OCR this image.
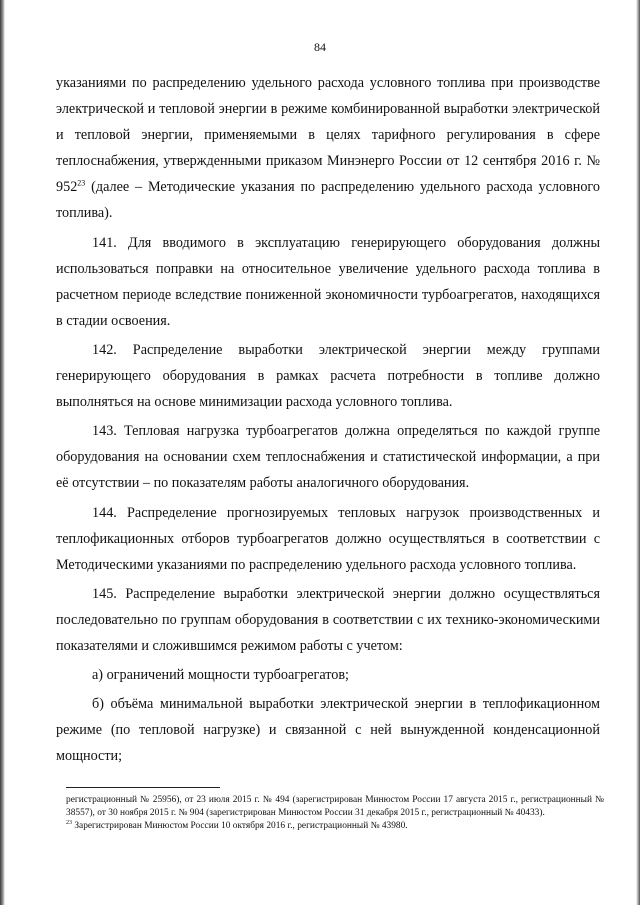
84

указаниями по распределению удельного расхода условного топлива при производстве электрической и тепловой энергии в режиме комбинированной выработки электрической и тепловой энергии, применяемыми в целях тарифного регулирования в сфере теплоснабжения, утвержденными приказом Минэнерго России от 12 сентября 2016 г. № $952^{23}$ (далее – Методические указания по распределению удельного расхода условного топлива).

141. Для вводимого в эксплуатацию генерирующего оборудования должны использоваться поправки на относительное увеличение удельного расхода топлива в расчетном периоде вследствие пониженной экономичности турбоагрегатов, находящихся в стадии освоения.

142. Распределение выработки электрической энергии между группами генерирующего оборудования в рамках расчета потребности в топливе должно выполняться на основе минимизации расхода условного топлива.

143. Тепловая нагрузка турбоагрегатов должна определяться по каждой группе оборудования на основании схем теплоснабжения и статистической информации, а при её отсутствии – по показателям работы аналогичного оборудования.

144. Распределение прогнозируемых тепловых нагрузок производственных и теплофикационных отборов турбоагрегатов должно осуществляться в соответствии с Методическими указаниями по распределению удельного расхода условного топлива.

145. Распределение выработки электрической энергии должно осуществляться последовательно по группам оборудования в соответствии с их технико-экономическими показателями и сложившимся режимом работы с учетом:

а) ограничений мощности турбоагрегатов;

б) объёма минимальной выработки электрической энергии в теплофикационном режиме (по тепловой нагрузке) и связанной с ней вынужденной конденсационной мощности;

регистрационный № 25956), от 23 июля 2015 г. № 494 (зарегистрирован Минюстом России 17 августа 2015 г., регистрационный № 38557), от 30 ноября 2015 г. № 904 (зарегистрирован Минюстом России 31 декабря 2015 г., регистрационный № 40433).

$^{23}$ Зарегистрирован Минюстом России 10 октября 2016 г., регистрационный № 43980.
